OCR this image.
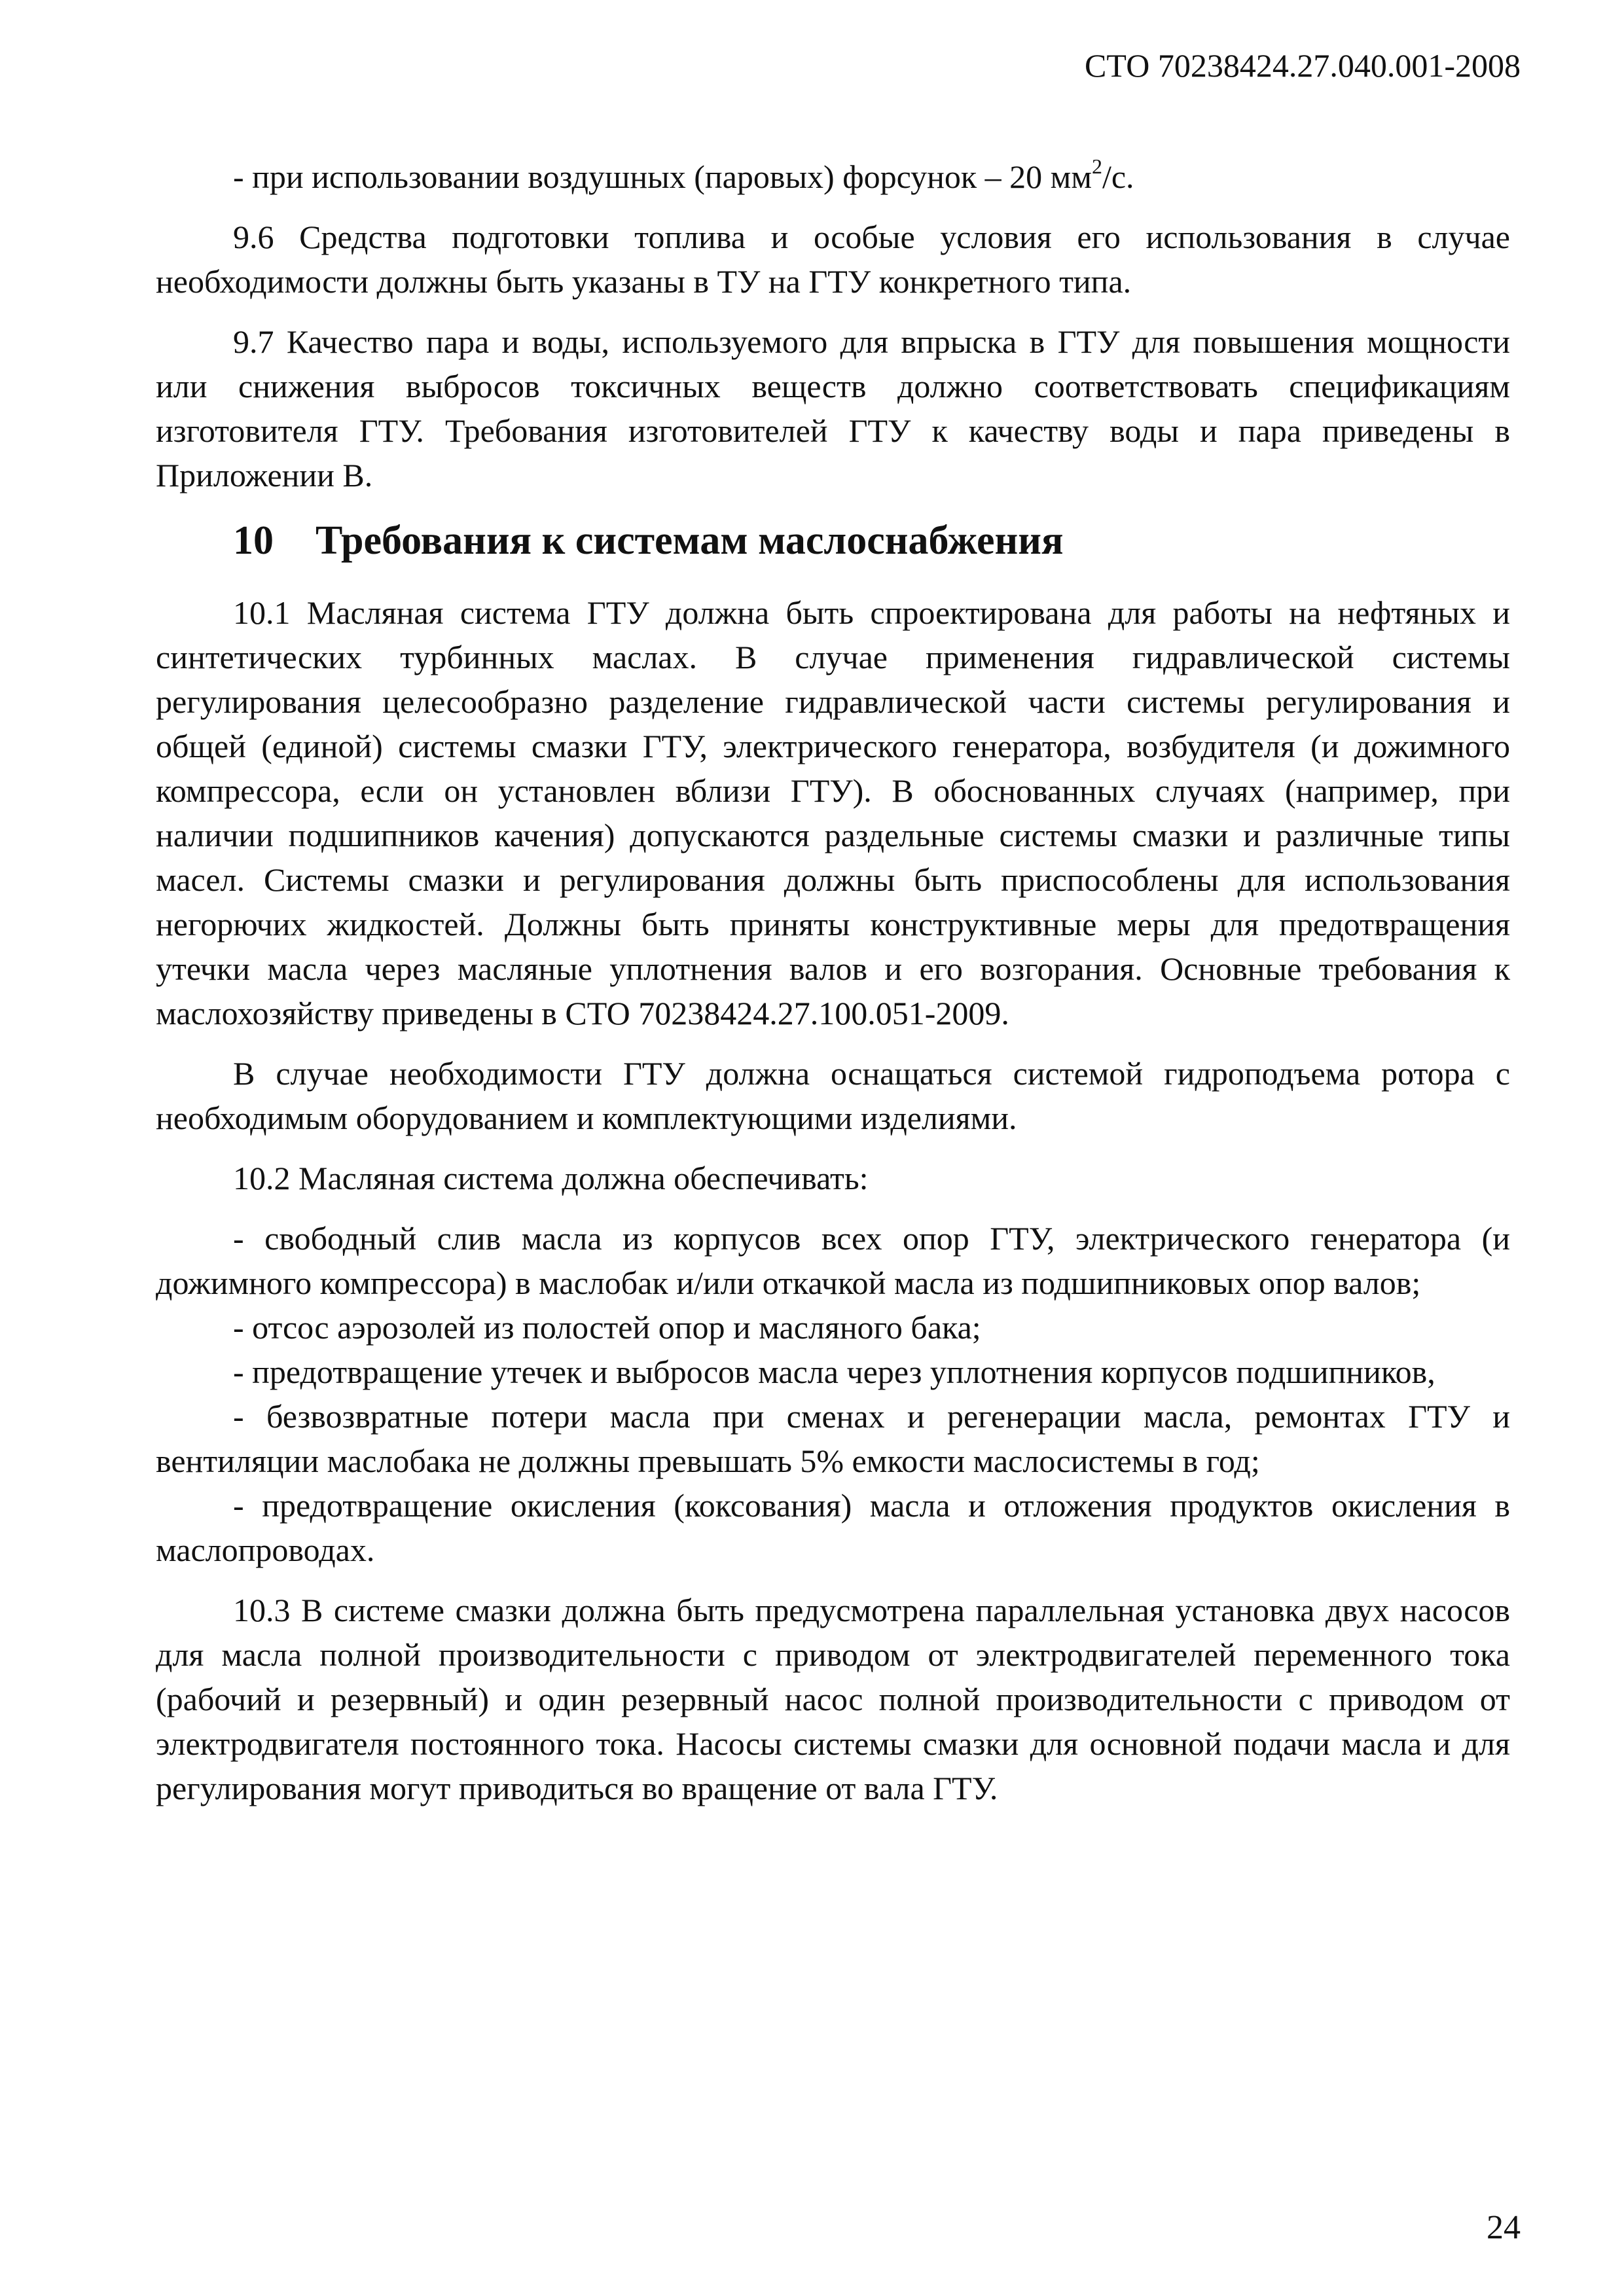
СТО 70238424.27.040.001-2008

- при использовании воздушных (паровых) форсунок – 20 $мм^2/с$.

9.6 Средства подготовки топлива и особые условия его использования в случае необходимости должны быть указаны в ТУ на ГТУ конкретного типа.

9.7 Качество пара и воды, используемого для впрыска в ГТУ для повышения мощности или снижения выбросов токсичных веществ должно соответствовать спецификациям изготовителя ГТУ. Требования изготовителей ГТУ к качеству воды и пара приведены в Приложении В.

10 Требования к системам маслоснабжения

10.1 Масляная система ГТУ должна быть спроектирована для работы на нефтяных и синтетических турбинных маслах. В случае применения гидравлической системы регулирования целесообразно разделение гидравлической части системы регулирования и общей (единой) системы смазки ГТУ, электрического генератора, возбудителя (и дожимного компрессора, если он установлен вблизи ГТУ). В обоснованных случаях (например, при наличии подшипников качения) допускаются раздельные системы смазки и различные типы масел. Системы смазки и регулирования должны быть приспособлены для использования негорючих жидкостей. Должны быть приняты конструктивные меры для предотвращения утечки масла через масляные уплотнения валов и его возгорания. Основные требования к маслохозяйству приведены в СТО 70238424.27.100.051-2009.

В случае необходимости ГТУ должна оснащаться системой гидроподъема ротора с необходимым оборудованием и комплектующими изделиями.

10.2 Масляная система должна обеспечивать:

- свободный слив масла из корпусов всех опор ГТУ, электрического генератора (и дожимного компрессора) в маслобак и/или откачкой масла из подшипниковых опор валов;

- отсос аэрозолей из полостей опор и масляного бака;

- предотвращение утечек и выбросов масла через уплотнения корпусов подшипников,

- безвозвратные потери масла при сменах и регенерации масла, ремонтах ГТУ и вентиляции маслобака не должны превышать 5% емкости маслосистемы в год;

- предотвращение окисления (коксования) масла и отложения продуктов окисления в маслопроводах.

10.3 В системе смазки должна быть предусмотрена параллельная установка двух насосов для масла полной производительности с приводом от электродвигателей переменного тока (рабочий и резервный) и один резервный насос полной производительности с приводом от электродвигателя постоянного тока. Насосы системы смазки для основной подачи масла и для регулирования могут приводиться во вращение от вала ГТУ.

24
